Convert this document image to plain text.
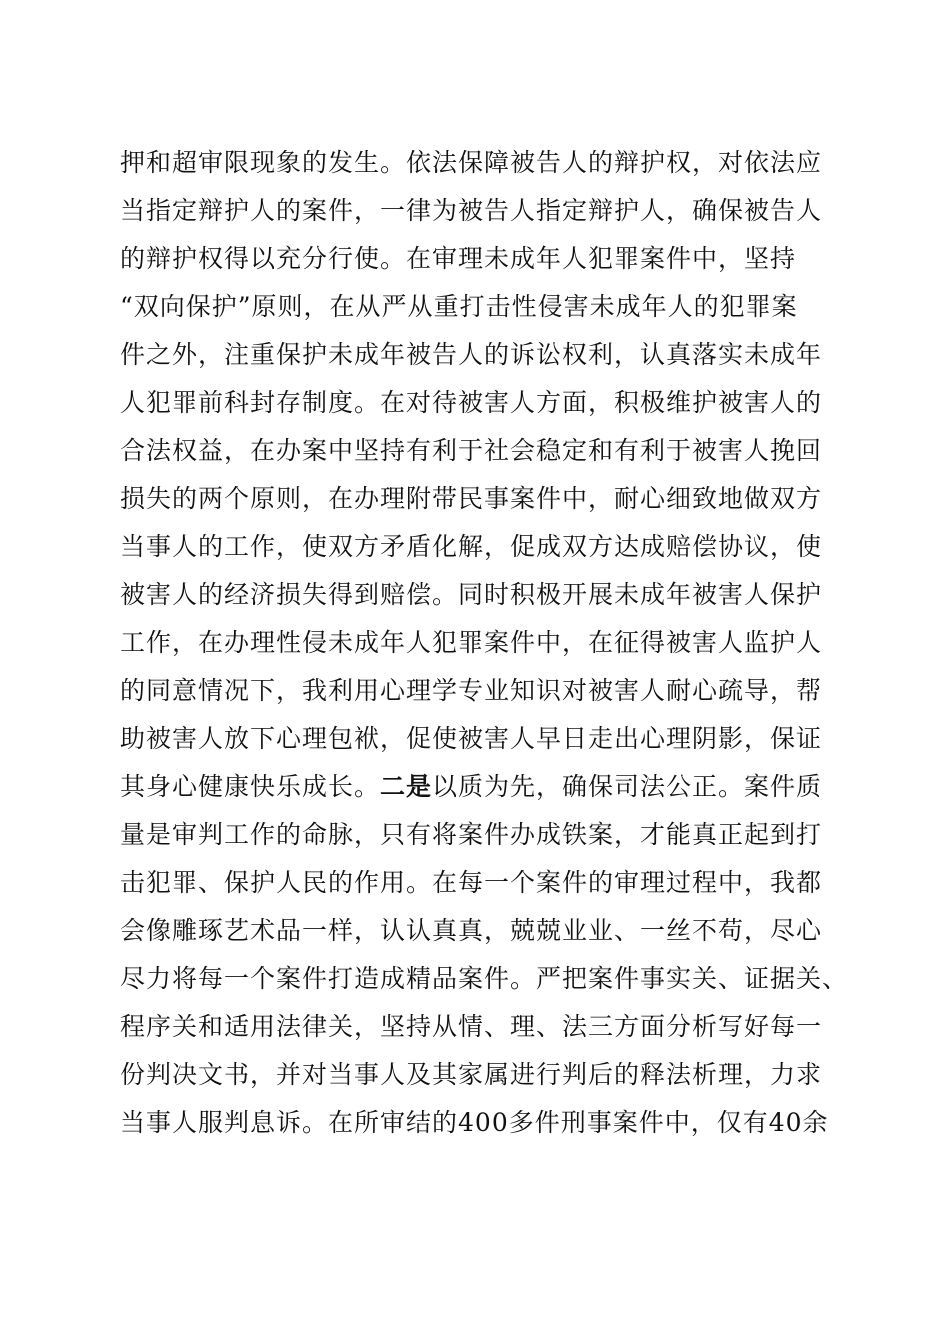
押和超审限现象的发生。依法保障被告人的辩护权，对依法应
当指定辩护人的案件，一律为被告人指定辩护人，确保被告人
的辩护权得以充分行使。在审理未成年人犯罪案件中，坚持
“双向保护”原则，在从严从重打击性侵害未成年人的犯罪案
件之外，注重保护未成年被告人的诉讼权利，认真落实未成年
人犯罪前科封存制度。在对待被害人方面，积极维护被害人的
合法权益，在办案中坚持有利于社会稳定和有利于被害人挽回
损失的两个原则，在办理附带民事案件中，耐心细致地做双方
当事人的工作，使双方矛盾化解，促成双方达成赔偿协议，使
被害人的经济损失得到赔偿。同时积极开展未成年被害人保护
工作，在办理性侵未成年人犯罪案件中，在征得被害人监护人
的同意情况下，我利用心理学专业知识对被害人耐心疏导，帮
助被害人放下心理包袱，促使被害人早日走出心理阴影，保证
其身心健康快乐成长。二是以质为先，确保司法公正。案件质
量是审判工作的命脉，只有将案件办成铁案，才能真正起到打
击犯罪、保护人民的作用。在每一个案件的审理过程中，我都
会像雕琢艺术品一样，认认真真，兢兢业业、一丝不苟，尽心
尽力将每一个案件打造成精品案件。严把案件事实关、证据关、
程序关和适用法律关，坚持从情、理、法三方面分析写好每一
份判决文书，并对当事人及其家属进行判后的释法析理，力求
当事人服判息诉。在所审结的400多件刑事案件中，仅有40余
